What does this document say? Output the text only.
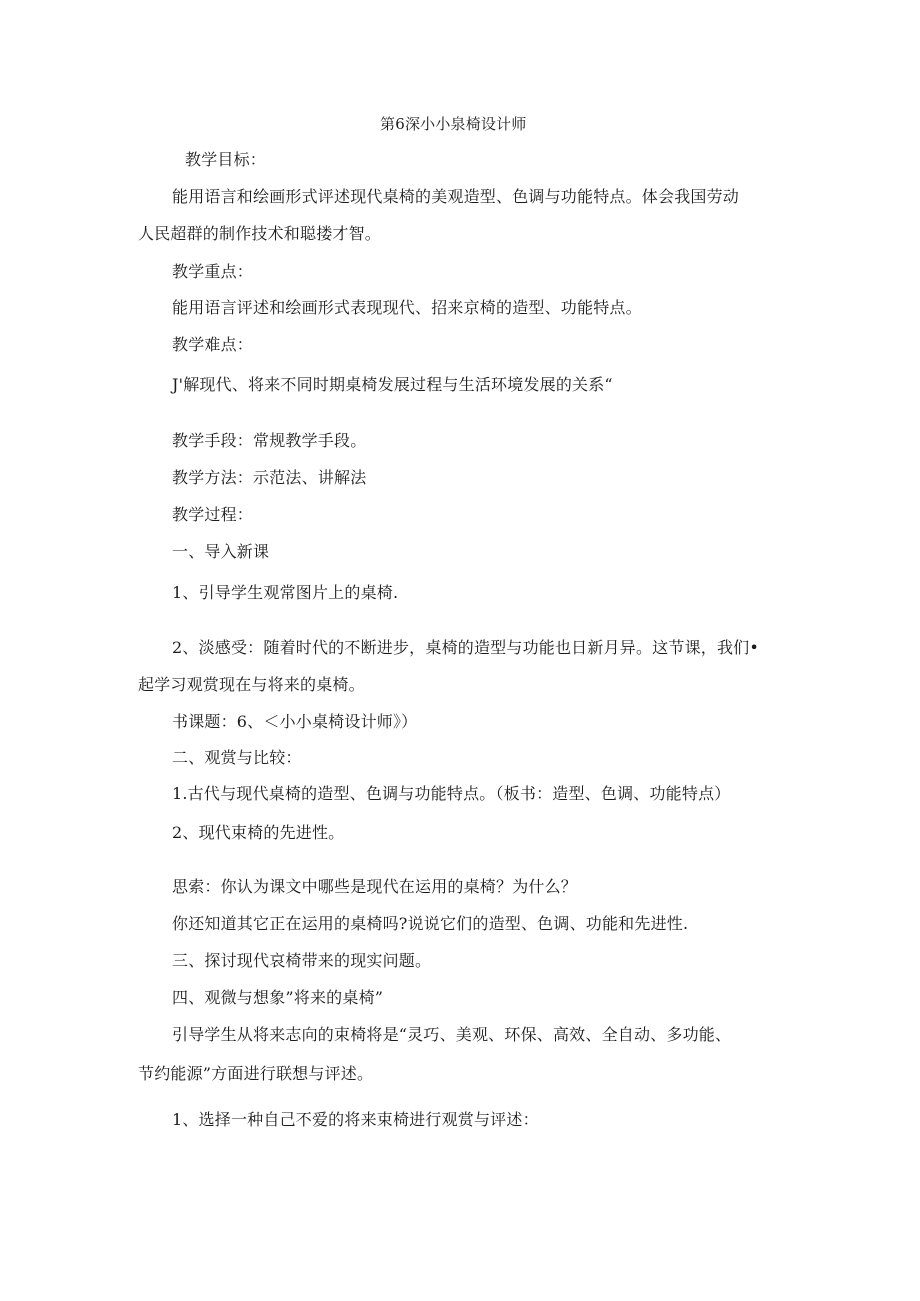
第6深小小泉椅设计师
教学目标：
能用语言和绘画形式评述现代桌椅的美观造型、色调与功能特点。体会我国劳动
人民超群的制作技术和聪搂才智。
教学重点：
能用语言评述和绘画形式表现现代、招来京椅的造型、功能特点。
教学难点：
J'解现代、将来不同时期桌椅发展过程与生活环境发展的关系“
教学手段：常规教学手段。
教学方法：示范法、讲解法
教学过程：
一、导入新课
1、引导学生观常图片上的桌椅.
2、淡感受：随着时代的不断进步，桌椅的造型与功能也日新月异。这节课，我们•
起学习观赏现在与将来的桌椅。
书课题：6、＜小小桌椅设计师》）
二、观赏与比较：
1.古代与现代桌椅的造型、色调与功能特点。（板书：造型、色调、功能特点）
2、现代束椅的先进性。
思索：你认为课文中哪些是现代在运用的桌椅？为什么？
你还知道其它正在运用的桌椅吗?说说它们的造型、色调、功能和先进性.
三、探讨现代哀椅带来的现实问题。
四、观微与想象”将来的桌椅”
引导学生从将来志向的束椅将是“灵巧、美观、环保、高效、全自动、多功能、
节约能源”方面进行联想与评述。
1、选择一种自己不爱的将来束椅进行观赏与评述：
